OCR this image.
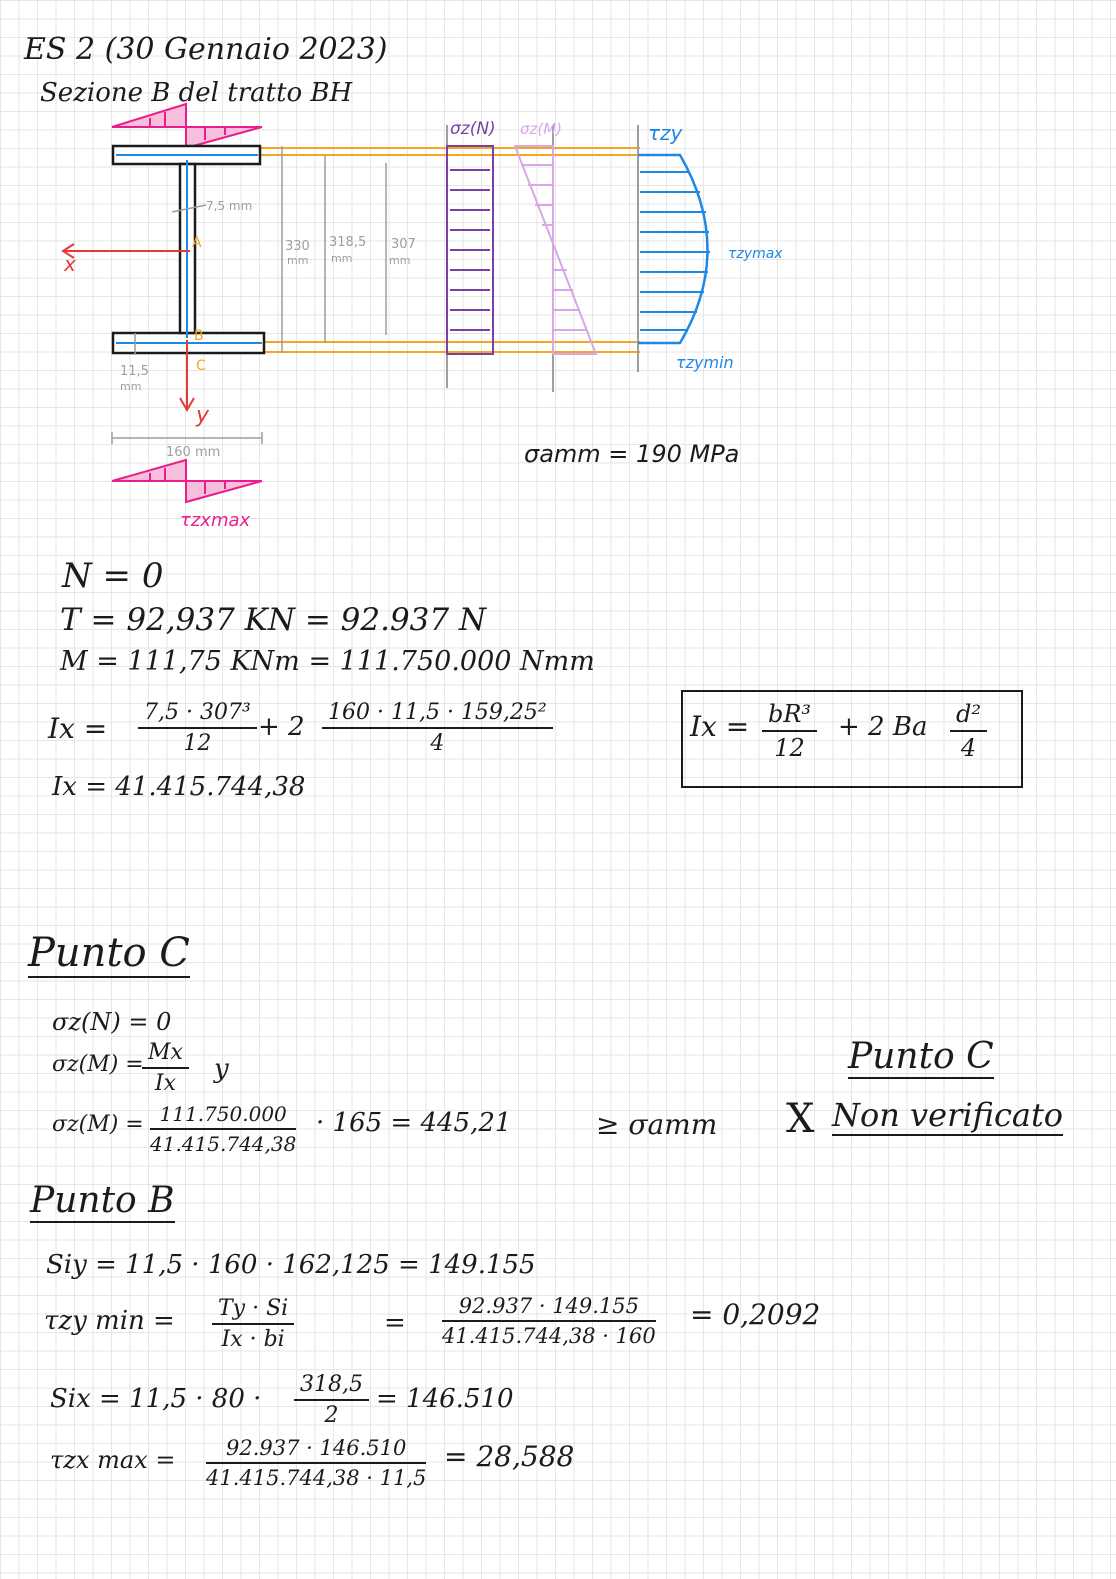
ES 2 (30 Gennaio 2023)
Sezione B del tratto BH
x
y
A
B
C
7,5 mm
330
mm
318,5
mm
307
mm
11,5
mm
160 mm
τzxmax
σz(N) σz(M)	τzy
τzymax
τzymin
σamm = 190 MPa
N = 0
T = 92,937 KN = 92.937 N
M = 111,75 KNm = 111.750.000 Nmm
$Ix = \frac{\text{7,5 · 307³}}{12} + 2 \frac{\text{160 · 11,5 · 159,25²}}{4}$
Ix = 41.415.744,38
$Ix = \frac{\text{bR³}}{12} + 2$ Ba $\frac{\text{d²}}{4}$
Punto C
σz(N) = 0
σz(M) =
$\frac{Mx}{Ix}$ y
$\sigma z(M) = \frac{111.750.000}{41.415.744,38} \cdot 165 = 445,21$	≥ σamm X
Punto C
Non verificato
Punto B
Siy = 11,5 · 160 · 162,125 = 149.155
τzy $\min = \frac{Ty \cdot Si}{Ix \cdot bi}$	= $\frac{92.937 \cdot 149.155}{41.415.744,38 \cdot 160} = 0,2092$
Six = $11,5 \cdot 80 \cdot \frac{318,5}{2} = 146.510$
τzx $\max = \frac{92.937 \cdot 146.510}{41.415.744,38 \cdot 11,5} = 28,588$
